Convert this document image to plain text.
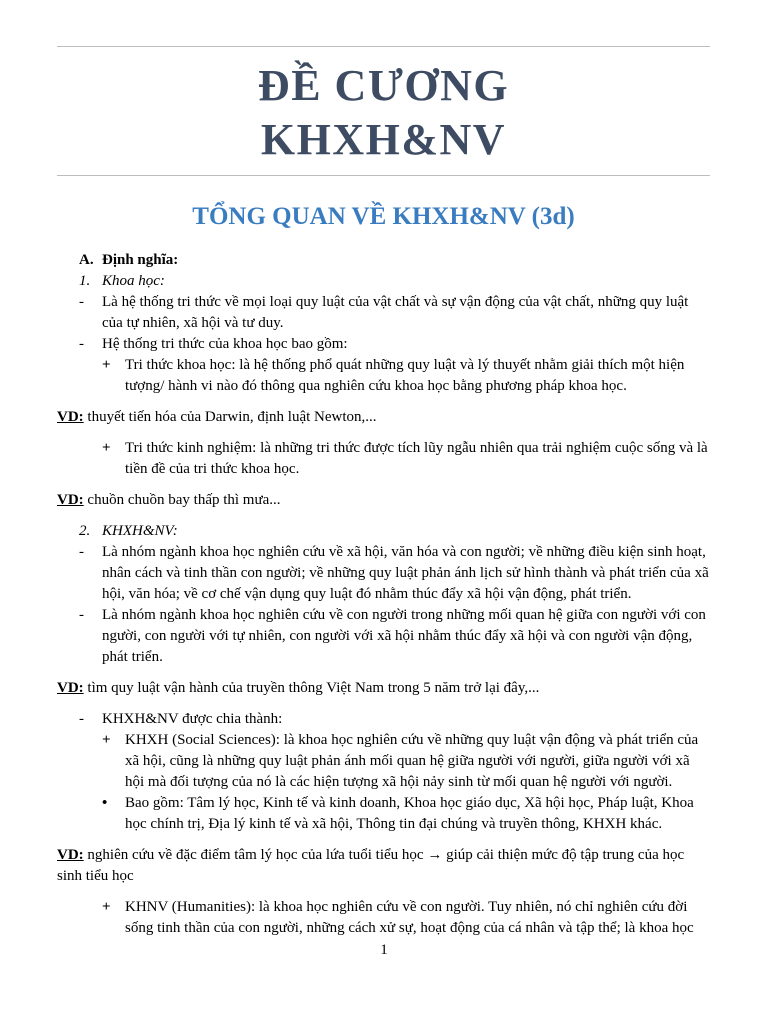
ĐỀ CƯƠNG
KHXH&NV
TỔNG QUAN VỀ KHXH&NV (3d)
A. Định nghĩa:
1. Khoa học:
- Là hệ thống tri thức về mọi loại quy luật của vật chất và sự vận động của vật chất, những quy luật của tự nhiên, xã hội và tư duy.
- Hệ thống tri thức của khoa học bao gồm:
+ Tri thức khoa học: là hệ thống phổ quát những quy luật và lý thuyết nhằm giải thích một hiện tượng/ hành vi nào đó thông qua nghiên cứu khoa học bằng phương pháp khoa học.
VD: thuyết tiến hóa của Darwin, định luật Newton,...
+ Tri thức kinh nghiệm: là những tri thức được tích lũy ngẫu nhiên qua trải nghiệm cuộc sống và là tiền đề của tri thức khoa học.
VD: chuồn chuồn bay thấp thì mưa...
2. KHXH&NV:
- Là nhóm ngành khoa học nghiên cứu về xã hội, văn hóa và con người; về những điều kiện sinh hoạt, nhân cách và tinh thần con người; về những quy luật phản ánh lịch sử hình thành và phát triển của xã hội, văn hóa; về cơ chế vận dụng quy luật đó nhằm thúc đẩy xã hội vận động, phát triển.
- Là nhóm ngành khoa học nghiên cứu về con người trong những mối quan hệ giữa con người với con người, con người với tự nhiên, con người với xã hội nhằm thúc đẩy xã hội và con người vận động, phát triển.
VD: tìm quy luật vận hành của truyền thông Việt Nam trong 5 năm trở lại đây,...
- KHXH&NV được chia thành:
+ KHXH (Social Sciences): là khoa học nghiên cứu về những quy luật vận động và phát triển của xã hội, cũng là những quy luật phản ánh mối quan hệ giữa người với người, giữa người với xã hội mà đối tượng của nó là các hiện tượng xã hội nảy sinh từ mối quan hệ người với người.
• Bao gồm: Tâm lý học, Kinh tế và kinh doanh, Khoa học giáo dục, Xã hội học, Pháp luật, Khoa học chính trị, Địa lý kinh tế và xã hội, Thông tin đại chúng và truyền thông, KHXH khác.
VD: nghiên cứu về đặc điểm tâm lý học của lứa tuổi tiểu học → giúp cải thiện mức độ tập trung của học sinh tiểu học
+ KHNV (Humanities): là khoa học nghiên cứu về con người. Tuy nhiên, nó chỉ nghiên cứu đời sống tinh thần của con người, những cách xử sự, hoạt động của cá nhân và tập thể; là khoa học
1
